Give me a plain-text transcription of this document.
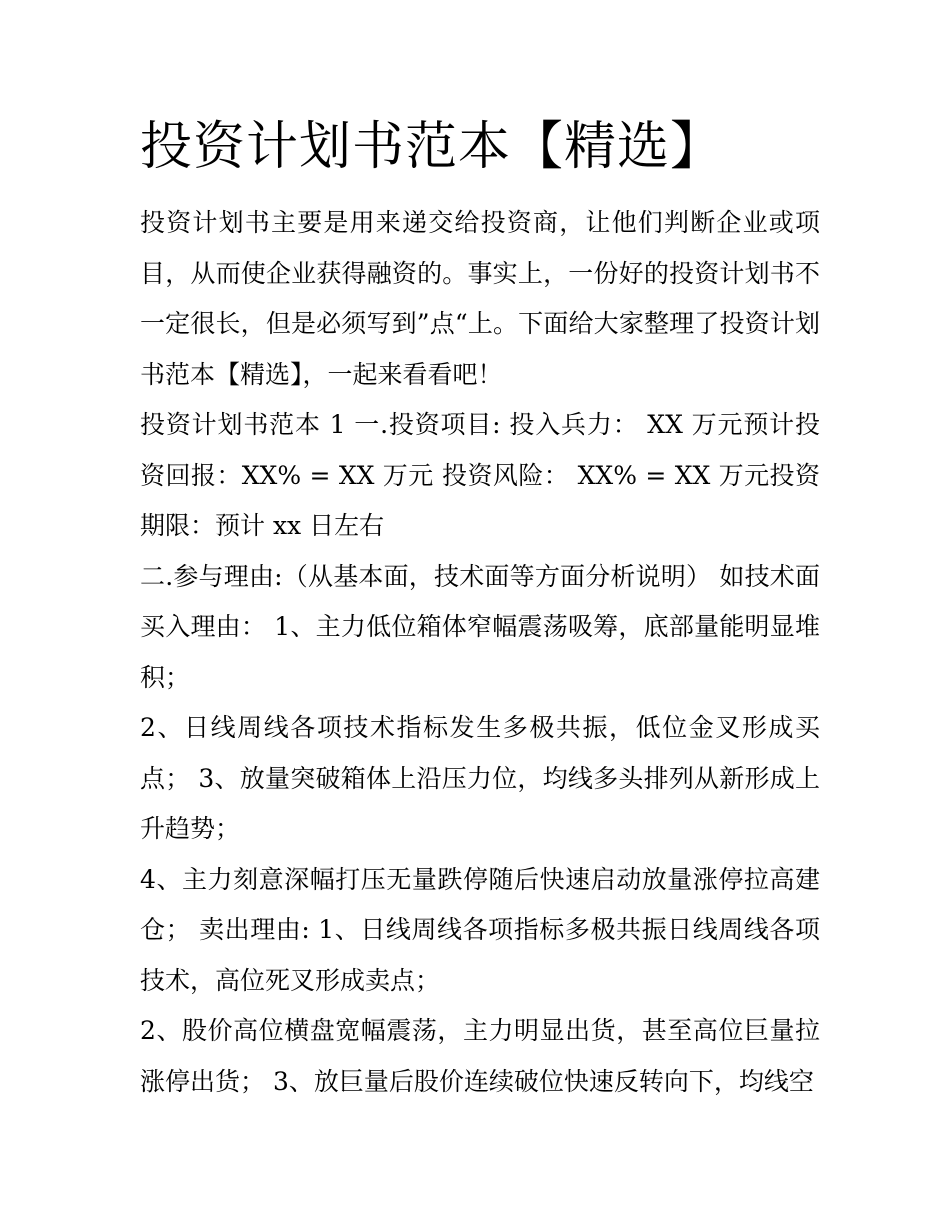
投资计划书范本【精选】

投资计划书主要是用来递交给投资商，让他们判断企业或项目，从而使企业获得融资的。事实上，一份好的投资计划书不一定很长，但是必须写到”点“上。下面给大家整理了投资计划书范本【精选】，一起来看看吧！

投资计划书范本 1 一.投资项目: 投入兵力： XX 万元预计投资回报：XX% = XX 万元 投资风险： XX% = XX 万元投资期限：预计 xx 日左右

二.参与理由:（从基本面，技术面等方面分析说明） 如技术面买入理由： 1、主力低位箱体窄幅震荡吸筹，底部量能明显堆积；

2、日线周线各项技术指标发生多极共振，低位金叉形成买点； 3、放量突破箱体上沿压力位，均线多头排列从新形成上升趋势；

4、主力刻意深幅打压无量跌停随后快速启动放量涨停拉高建仓； 卖出理由: 1、日线周线各项指标多极共振日线周线各项技术，高位死叉形成卖点；

2、股价高位横盘宽幅震荡，主力明显出货，甚至高位巨量拉涨停出货； 3、放巨量后股价连续破位快速反转向下，均线空
